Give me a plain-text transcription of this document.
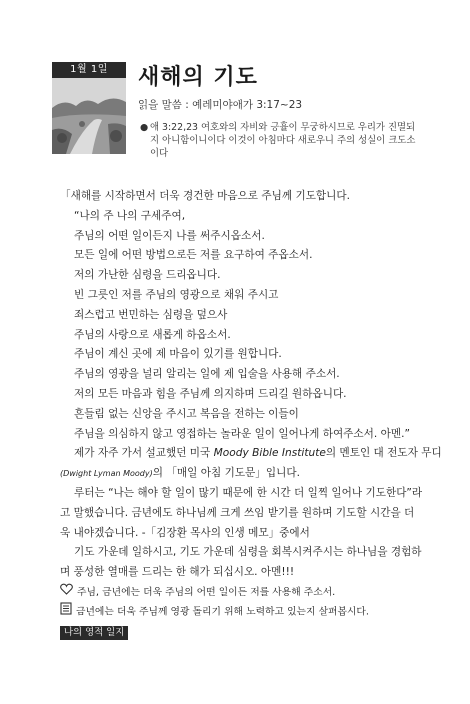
1월 1일	새해의 기도
읽을 말씀 : 예레미야애가 3:17~23
● 애 3:22,23 여호와의 자비와 긍휼이 무궁하시므로 우리가 진멸되지 아니함이니이다 이것이 아침마다 새로우니 주의 성실이 크도소이다
「새해를 시작하면서 더욱 경건한 마음으로 주님께 기도합니다.
“나의 주 나의 구세주여,
주님의 어떤 일이든지 나를 써주시옵소서.
모든 일에 어떤 방법으로든 저를 요구하여 주옵소서.
저의 가난한 심령을 드리옵니다.
빈 그릇인 저를 주님의 영광으로 채워 주시고
죄스럽고 번민하는 심령을 덮으사
주님의 사랑으로 새롭게 하옵소서.
주님이 계신 곳에 제 마음이 있기를 원합니다.
주님의 영광을 널리 알리는 일에 제 입술을 사용해 주소서.
저의 모든 마음과 힘을 주님께 의지하며 드리길 원하옵니다.
흔들림 없는 신앙을 주시고 복음을 전하는 이들이
주님을 의심하지 않고 영접하는 놀라운 일이 일어나게 하여주소서. 아멘.”
제가 자주 가서 설교했던 미국 Moody Bible Institute의 멘토인 대 전도자 무디
(Dwight Lyman Moody)의 「매일 아침 기도문」입니다.
루터는 “나는 해야 할 일이 많기 때문에 한 시간 더 일찍 일어나 기도한다”라
고 말했습니다. 금년에도 하나님께 크게 쓰임 받기를 원하며 기도할 시간을 더
욱 내야겠습니다. -「김장환 목사의 인생 메모」중에서
기도 가운데 일하시고, 기도 가운데 심령을 회복시켜주시는 하나님을 경험하
며 풍성한 열매를 드리는 한 해가 되십시오. 아멘!!!
주님, 금년에는 더욱 주님의 어떤 일이든 저를 사용해 주소서.
금년에는 더욱 주님께 영광 돌리기 위해 노력하고 있는지 살펴봅시다.
나의 영적 일지
